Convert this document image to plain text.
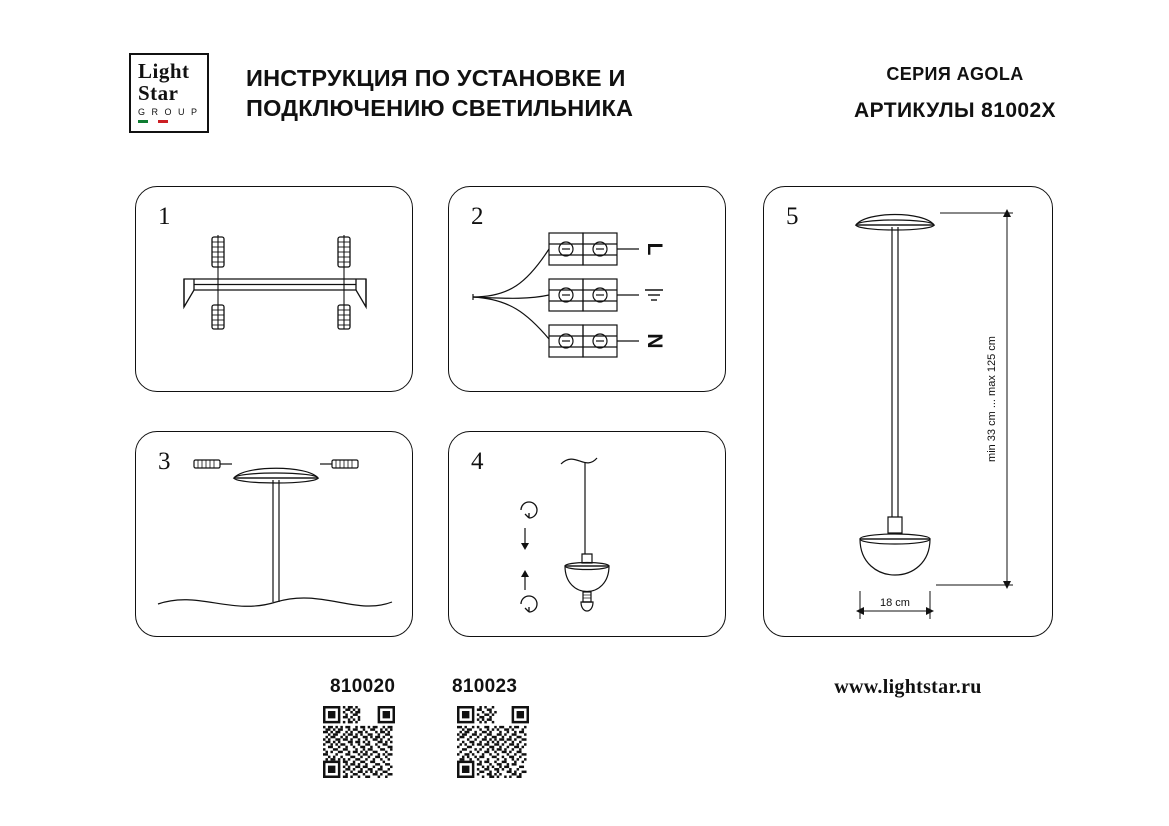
Light
Star
G R O U P
ИНСТРУКЦИЯ ПО УСТАНОВКЕ И
ПОДКЛЮЧЕНИЮ СВЕТИЛЬНИКА
СЕРИЯ AGOLA
АРТИКУЛЫ 81002X
1	2
L
N
3	4
5
min 33 cm ... max 125 cm
18 cm
810020	810023	www.lightstar.ru
